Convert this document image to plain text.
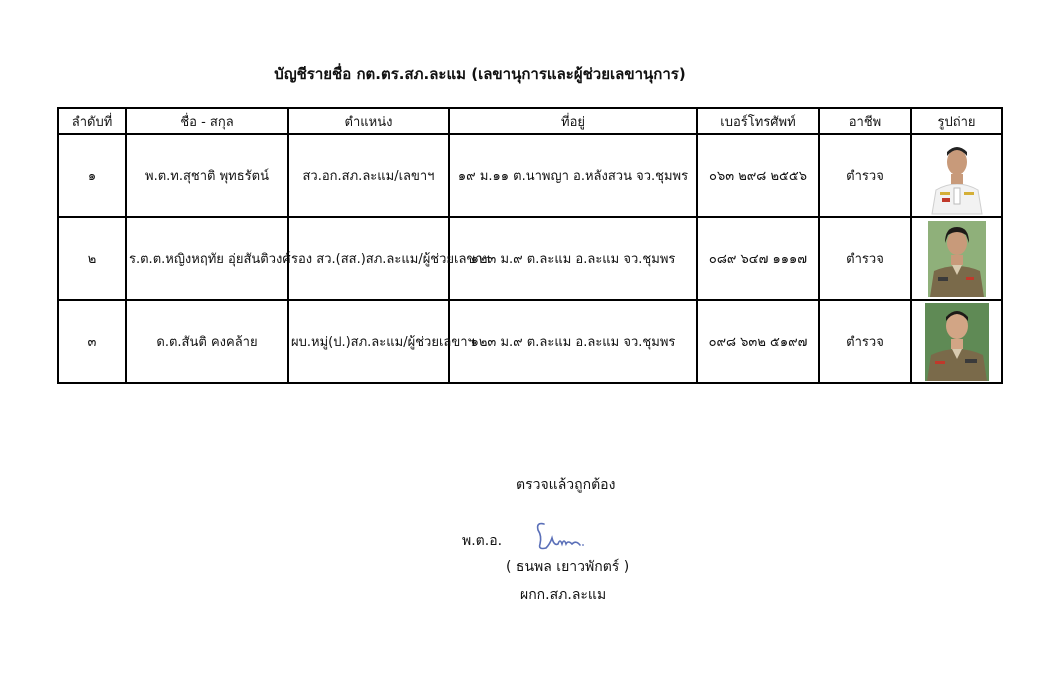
บัญชีรายชื่อ กต.ตร.สภ.ละแม (เลขานุการและผู้ช่วยเลขานุการ)
ลำดับที่	ชื่อ - สกุล	ตำแหน่ง	ที่อยู่	เบอร์โทรศัพท์	อาชีพ	รูปถ่าย
๑	พ.ต.ท.สุชาติ พุทธรัตน์	สว.อก.สภ.ละแม/เลขาฯ	๑๙ ม.๑๑ ต.นาพญา อ.หลังสวน จว.ชุมพร	๐๖๓ ๒๙๘ ๒๕๕๖	ตำรวจ	

๒	ร.ต.ต.หญิงหฤทัย อุ่ยสันติวงศ์	รอง สว.(สส.)สภ.ละแม/ผู้ช่วยเลขาฯ	๑๒๓ ม.๙ ต.ละแม อ.ละแม จว.ชุมพร	๐๘๙ ๖๔๗ ๑๑๑๗	ตำรวจ	

๓	ด.ต.สันติ คงคล้าย	ผบ.หมู่(ป.)สภ.ละแม/ผู้ช่วยเลขาฯ	๑๒๓ ม.๙ ต.ละแม อ.ละแม จว.ชุมพร	๐๙๘ ๖๓๒ ๕๑๙๗	ตำรวจ	
ตรวจแล้วถูกต้อง
พ.ต.อ.
( ธนพล เยาวพักตร์ )
ผกก.สภ.ละแม
